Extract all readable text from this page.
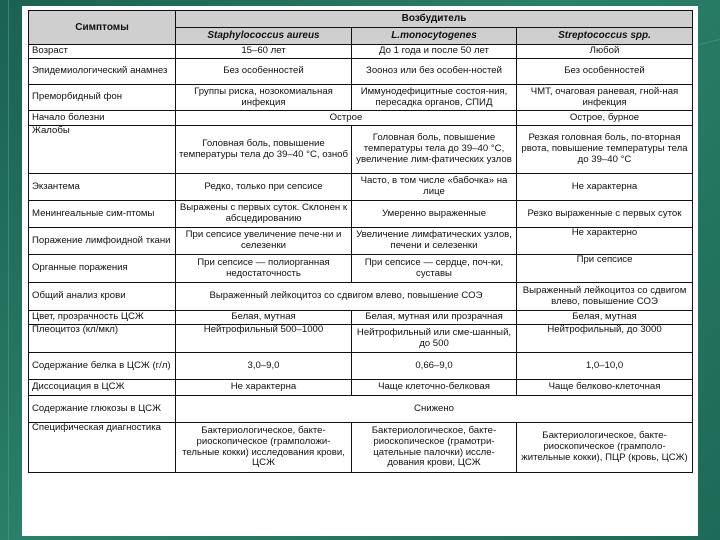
Симптомы	Возбудитель		
	Staphylococcus aureus	L.monocytogenes	Streptococcus spp.
Возраст	15–60 лет	До 1 года и после 50 лет	Любой
Эпидемиологический анамнез	Без особенностей	Зоонoз или без особен-ностей	Без особенностей
Преморбидный фон	Группы риска, нозокомиальная инфекция	Иммунодефицитные состоя-ния, пересадка органов, СПИД	ЧМТ, очаговая раневая, гной-ная инфекция
Начало болезни	Острое		Острое, бурное
Жалобы	Головная боль, повышение температуры тела до 39–40 °С, озноб	Головная боль, повышение температуры тела до 39–40 °С, увеличение лим-фатических узлов	Резкая головная боль, по-вторная рвота, повышение температуры тела до 39–40 °С
Экзантема	Редко, только при сепсисе	Часто, в том числе «бабочка» на лице	Не характерна
Менингеальные сим-птомы	Выражены с первых суток. Склонен к абсцедированию	Умеренно выраженные	Резко выраженные с первых суток
Поражение лимфоидной ткани	При сепсисе увеличение пече-ни и селезенки	Увеличение лимфатических узлов, печени и селезенки	Не характерно
Органные поражения	При сепсисе — полиорганная недостаточность	При сепсисе — сердце, поч-ки, суставы	При сепсисе
Общий анализ крови	Выраженный лейкоцитоз со сдвигом влево, повышение СОЭ		Выраженный лейкоцитоз со сдвигом влево, повышение СОЭ
Цвет, прозрачность ЦСЖ	Белая, мутная	Белая, мутная или прозрачная	Белая, мутная
Плеоцитоз (кл/мкл)	Нейтрофильный 500–1000	Нейтрофильный или сме-шанный, до 500	Нейтрофильный, до 3000
Содержание белка в ЦСЖ (г/л)	3,0–9,0	0,66–9,0	1,0–10,0
Диссоциация в ЦСЖ	Не характерна	Чаще клеточно-белковая	Чаще белково-клеточная
Содержание глюкозы в ЦСЖ	Снижено		
Специфическая диагностика	Бактериологическое, бакте-риоскопическое (грамположи-тельные кокки) исследования крови, ЦСЖ	Бактериологическое, бакте-риоскопическое (грамотри-цательные палочки) иссле-дования крови, ЦСЖ	Бактериологическое, бакте-риоскопическое (грамполо-жительные кокки), ПЦР (кровь, ЦСЖ)
